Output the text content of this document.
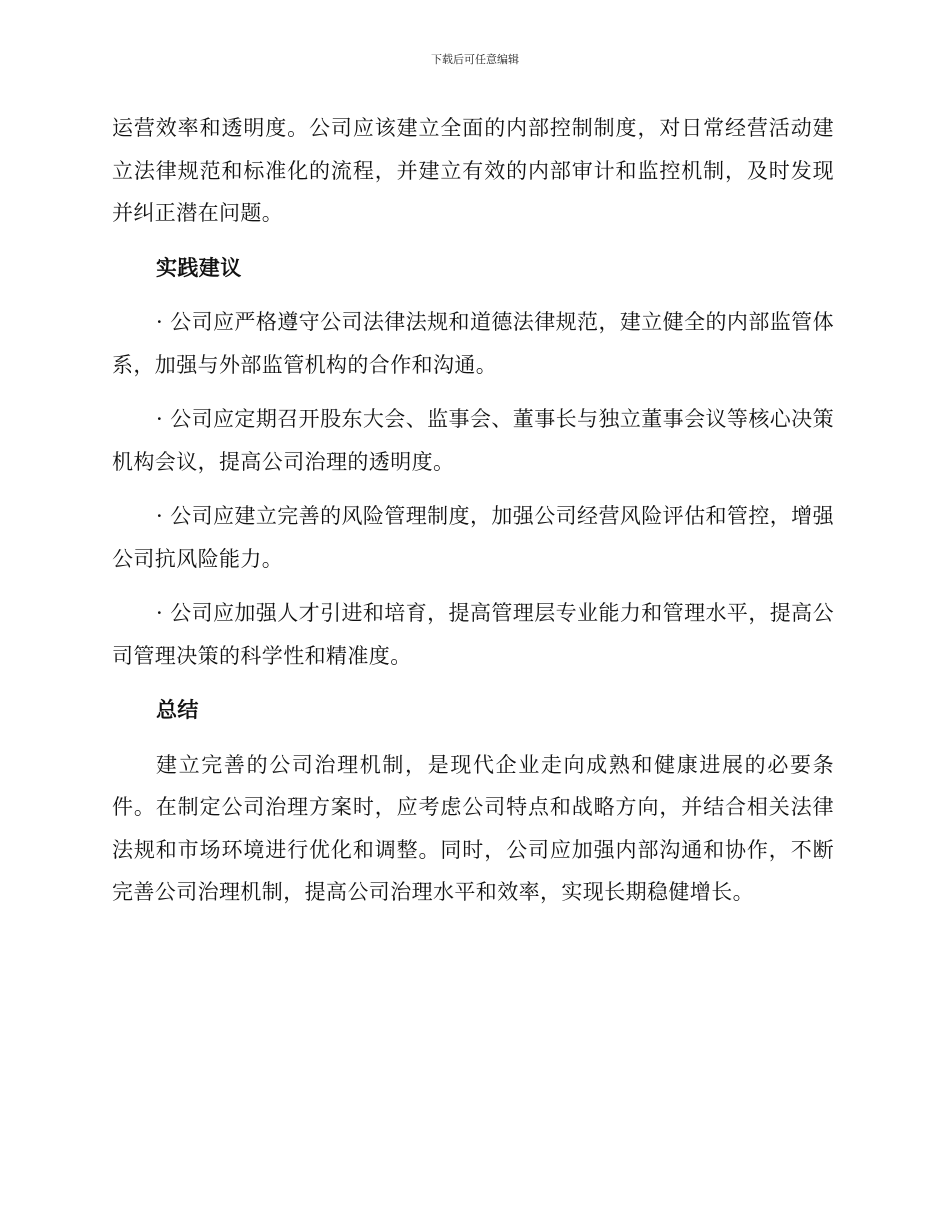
下载后可任意编辑

运营效率和透明度。公司应该建立全面的内部控制制度，对日常经营活动建立法律规范和标准化的流程，并建立有效的内部审计和监控机制，及时发现并纠正潜在问题。

实践建议

· 公司应严格遵守公司法律法规和道德法律规范，建立健全的内部监管体系，加强与外部监管机构的合作和沟通。

· 公司应定期召开股东大会、监事会、董事长与独立董事会议等核心决策机构会议，提高公司治理的透明度。

· 公司应建立完善的风险管理制度，加强公司经营风险评估和管控，增强公司抗风险能力。

· 公司应加强人才引进和培育，提高管理层专业能力和管理水平，提高公司管理决策的科学性和精准度。

总结

建立完善的公司治理机制，是现代企业走向成熟和健康进展的必要条件。在制定公司治理方案时，应考虑公司特点和战略方向，并结合相关法律法规和市场环境进行优化和调整。同时，公司应加强内部沟通和协作，不断完善公司治理机制，提高公司治理水平和效率，实现长期稳健增长。
